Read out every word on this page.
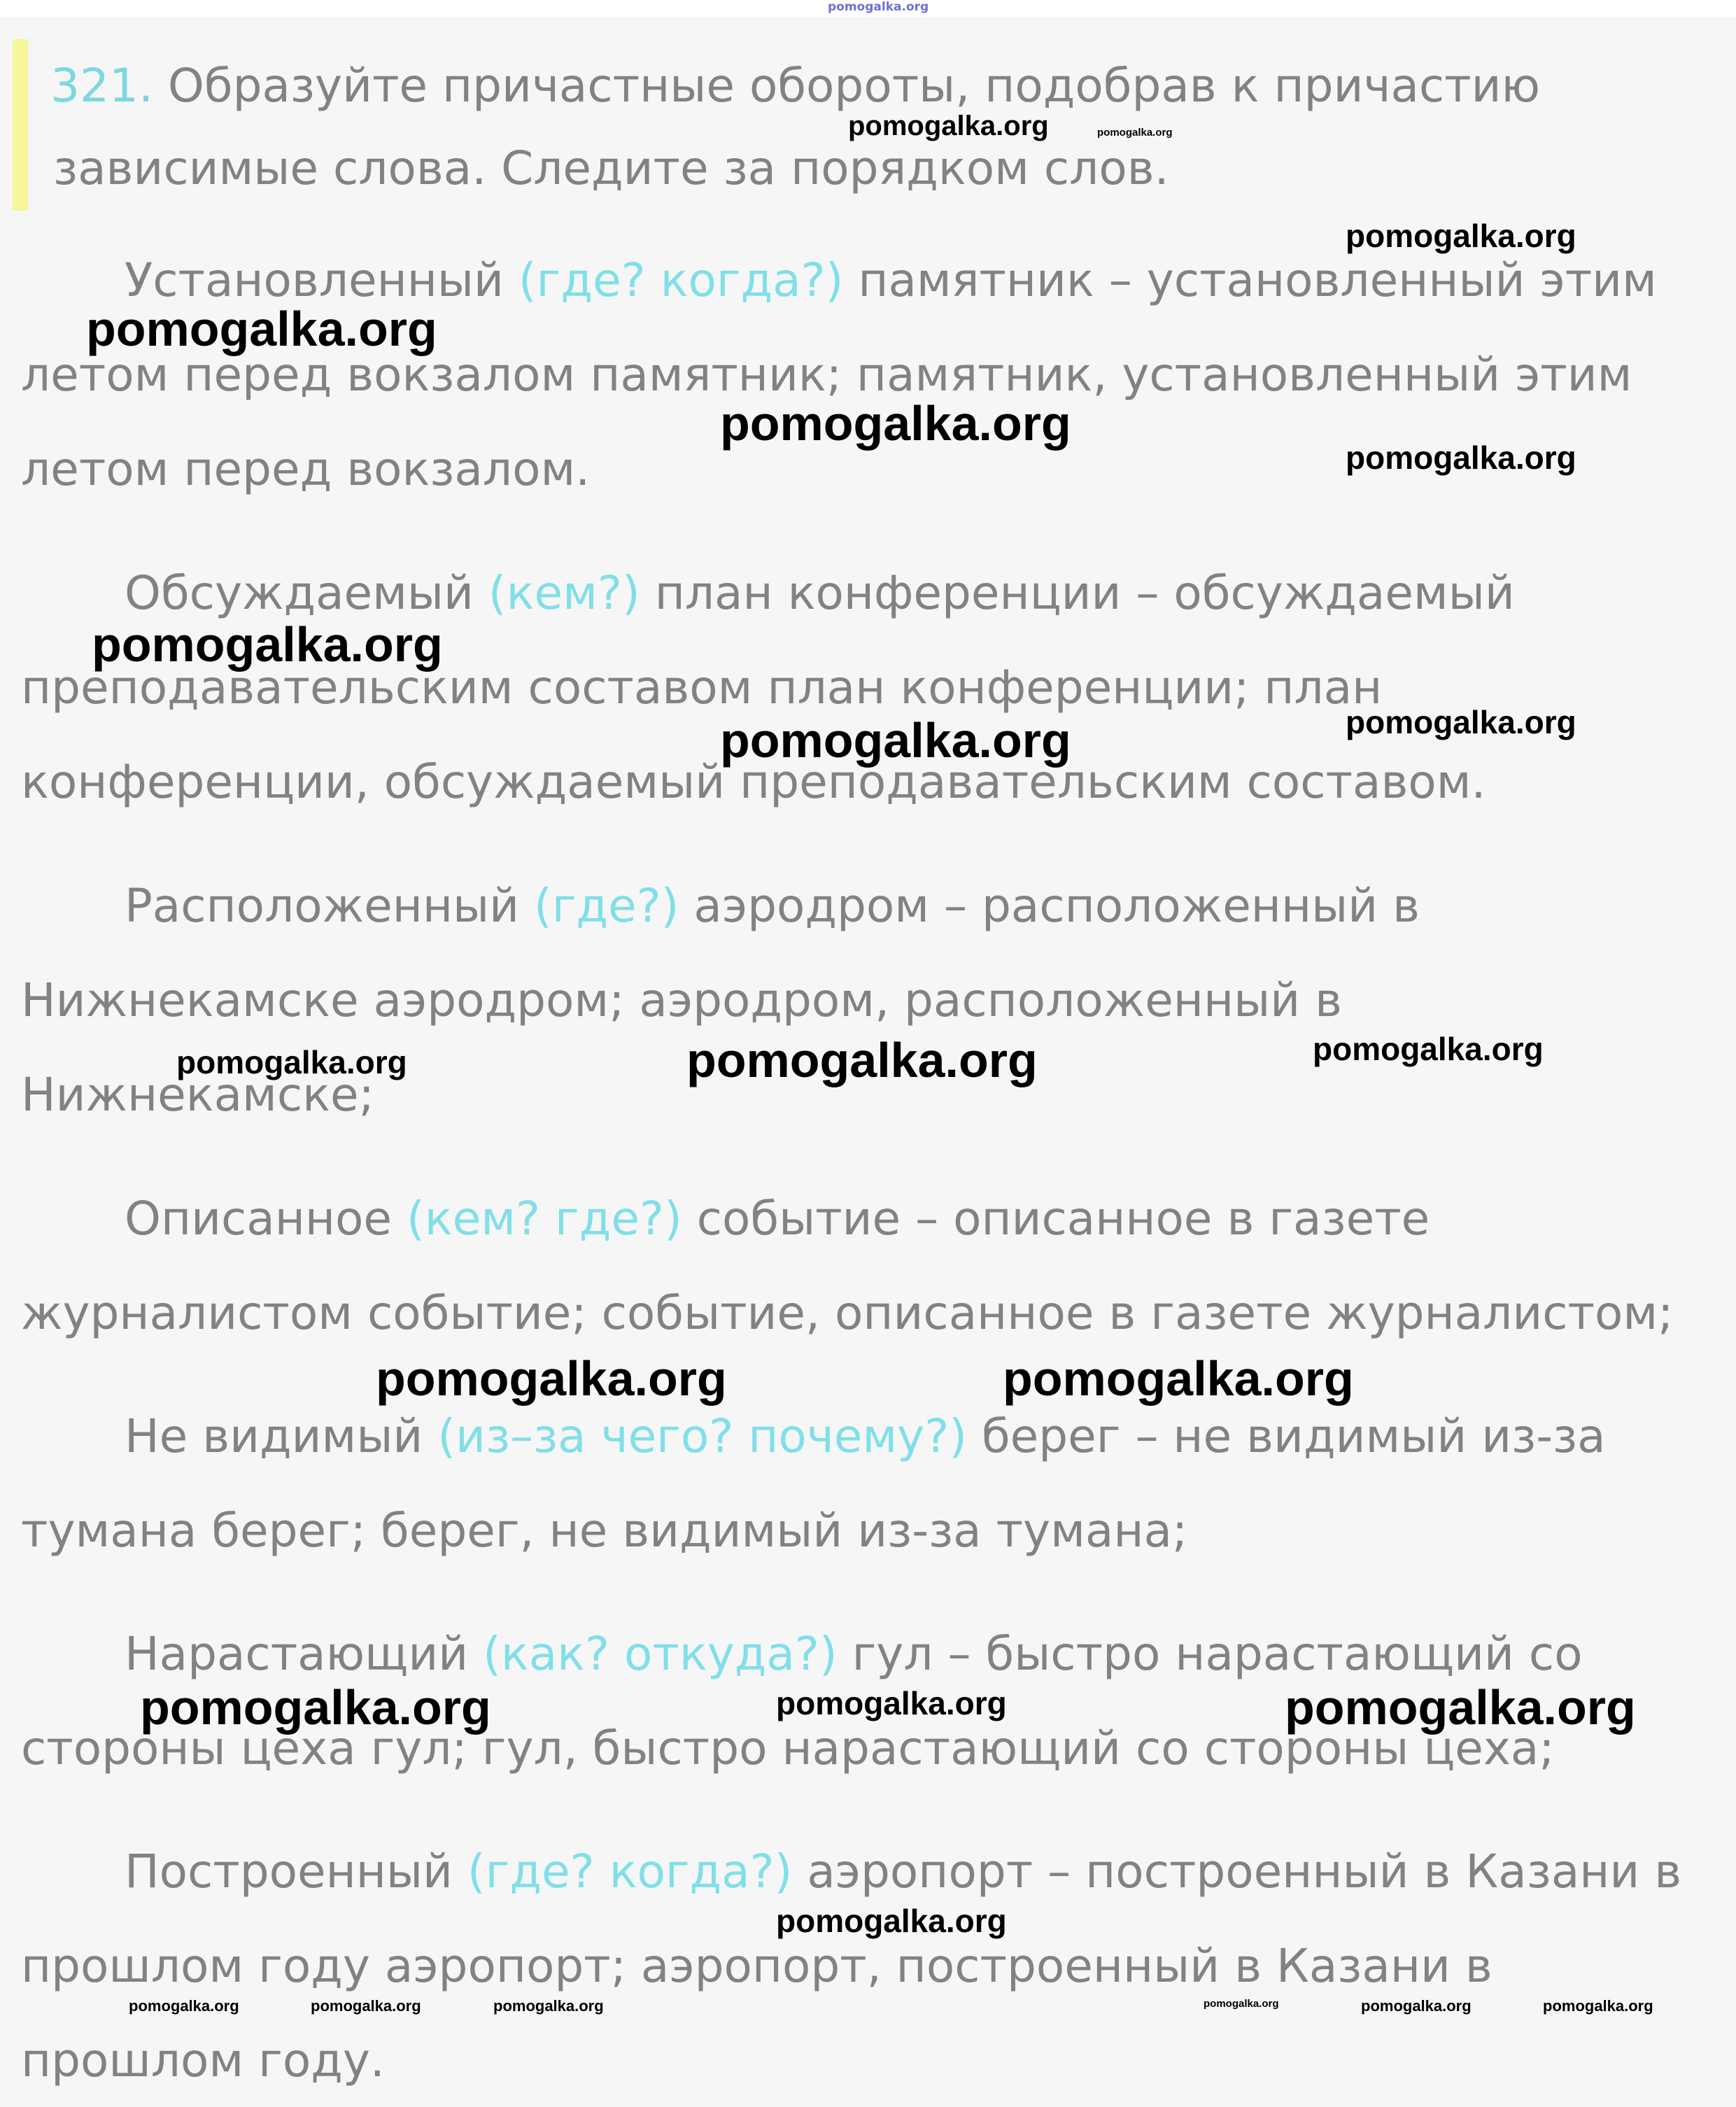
pomogalka.org
321. Образуйте причастные обороты, подобрав к причастию
зависимые слова. Следите за порядком слов.
Установленный (где? когда?) памятник – установленный этим
летом перед вокзалом памятник; памятник, установленный этим
летом перед вокзалом.
Обсуждаемый (кем?) план конференции – обсуждаемый
преподавательским составом план конференции; план
конференции, обсуждаемый преподавательским составом.
Расположенный (где?) аэродром – расположенный в
Нижнекамске аэродром; аэродром, расположенный в
Нижнекамске;
Описанное (кем? где?) событие – описанное в газете
журналистом событие; событие, описанное в газете журналистом;
Не видимый (из–за чего? почему?) берег – не видимый из-за
тумана берег; берег, не видимый из-за тумана;
Нарастающий (как? откуда?) гул – быстро нарастающий со
стороны цеха гул; гул, быстро нарастающий со стороны цеха;
Построенный (где? когда?) аэропорт – построенный в Казани в
прошлом году аэропорт; аэропорт, построенный в Казани в
прошлом году.
pomogalka.org	pomogalka.org
pomogalka.org
pomogalka.org
pomogalka.org
pomogalka.org
pomogalka.org
pomogalka.org	pomogalka.org
pomogalka.org	pomogalka.org	pomogalka.org
pomogalka.org	pomogalka.org
pomogalka.org	pomogalka.org	pomogalka.org
pomogalka.org
pomogalka.org	pomogalka.org	pomogalka.org	pomogalka.org	pomogalka.org	pomogalka.org
